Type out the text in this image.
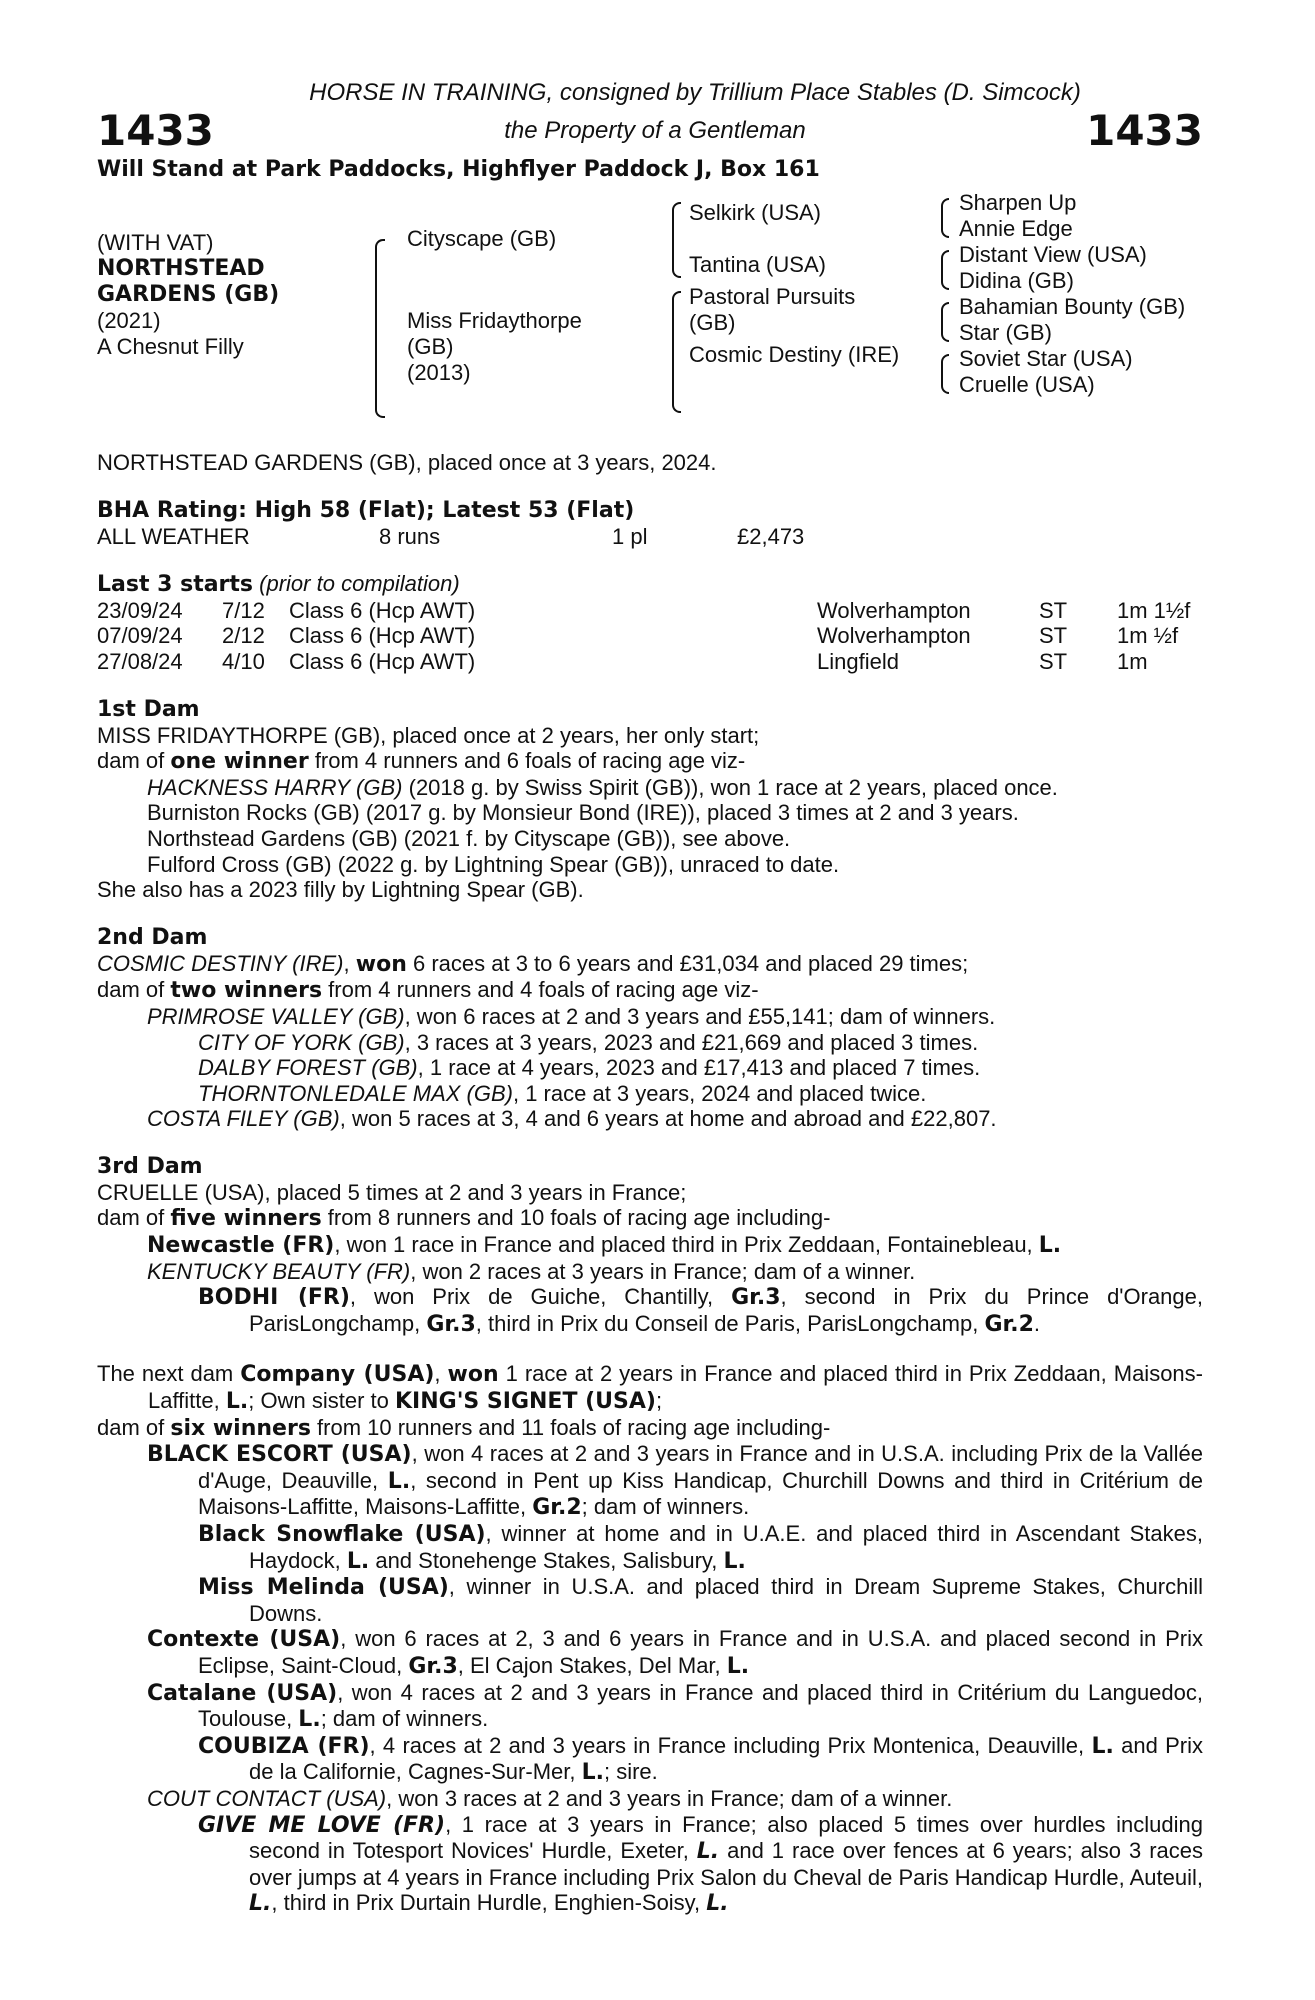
HORSE IN TRAINING, consigned by Trillium Place Stables (D. Simcock)
1433	the Property of a Gentleman	1433
Will Stand at Park Paddocks, Highflyer Paddock J, Box 161
(WITH VAT)
NORTHSTEAD
GARDENS (GB)
(2021)
A Chesnut Filly
Cityscape (GB)
Miss Fridaythorpe
(GB)
(2013)
Selkirk (USA)
Tantina (USA)
Pastoral Pursuits
(GB)
Cosmic Destiny (IRE)
Sharpen Up
Annie Edge
Distant View (USA)
Didina (GB)
Bahamian Bounty (GB)
Star (GB)
Soviet Star (USA)
Cruelle (USA)
NORTHSTEAD GARDENS (GB), placed once at 3 years, 2024.
BHA Rating: High 58 (Flat); Latest 53 (Flat)
ALL WEATHER	8 runs	1 pl	£2,473
Last 3 starts (prior to compilation)
23/09/24 7/12 Class 6 (Hcp AWT)	Wolverhampton	ST 1m 1½f
07/09/24 2/12 Class 6 (Hcp AWT)	Wolverhampton	ST 1m ½f
27/08/24 4/10 Class 6 (Hcp AWT)	Lingfield	ST 1m
1st Dam
MISS FRIDAYTHORPE (GB), placed once at 2 years, her only start;
dam of one winner from 4 runners and 6 foals of racing age viz-
HACKNESS HARRY (GB) (2018 g. by Swiss Spirit (GB)), won 1 race at 2 years, placed once.
Burniston Rocks (GB) (2017 g. by Monsieur Bond (IRE)), placed 3 times at 2 and 3 years.
Northstead Gardens (GB) (2021 f. by Cityscape (GB)), see above.
Fulford Cross (GB) (2022 g. by Lightning Spear (GB)), unraced to date.
She also has a 2023 filly by Lightning Spear (GB).
2nd Dam
COSMIC DESTINY (IRE), won 6 races at 3 to 6 years and £31,034 and placed 29 times;
dam of two winners from 4 runners and 4 foals of racing age viz-
PRIMROSE VALLEY (GB), won 6 races at 2 and 3 years and £55,141; dam of winners.
CITY OF YORK (GB), 3 races at 3 years, 2023 and £21,669 and placed 3 times.
DALBY FOREST (GB), 1 race at 4 years, 2023 and £17,413 and placed 7 times.
THORNTONLEDALE MAX (GB), 1 race at 3 years, 2024 and placed twice.
COSTA FILEY (GB), won 5 races at 3, 4 and 6 years at home and abroad and £22,807.
3rd Dam
CRUELLE (USA), placed 5 times at 2 and 3 years in France;
dam of five winners from 8 runners and 10 foals of racing age including-
Newcastle (FR), won 1 race in France and placed third in Prix Zeddaan, Fontainebleau, L.
KENTUCKY BEAUTY (FR), won 2 races at 3 years in France; dam of a winner.
BODHI (FR), won Prix de Guiche, Chantilly, Gr.3, second in Prix du Prince d'Orange, ParisLongchamp, Gr.3, third in Prix du Conseil de Paris, ParisLongchamp, Gr.2.
The next dam Company (USA), won 1 race at 2 years in France and placed third in Prix Zeddaan, Maisons-Laffitte, L.; Own sister to KING'S SIGNET (USA);
dam of six winners from 10 runners and 11 foals of racing age including-
BLACK ESCORT (USA), won 4 races at 2 and 3 years in France and in U.S.A. including Prix de la Vallée d'Auge, Deauville, L., second in Pent up Kiss Handicap, Churchill Downs and third in Critérium de Maisons-Laffitte, Maisons-Laffitte, Gr.2; dam of winners.
Black Snowflake (USA), winner at home and in U.A.E. and placed third in Ascendant Stakes, Haydock, L. and Stonehenge Stakes, Salisbury, L.
Miss Melinda (USA), winner in U.S.A. and placed third in Dream Supreme Stakes, Churchill Downs.
Contexte (USA), won 6 races at 2, 3 and 6 years in France and in U.S.A. and placed second in Prix Eclipse, Saint-Cloud, Gr.3, El Cajon Stakes, Del Mar, L.
Catalane (USA), won 4 races at 2 and 3 years in France and placed third in Critérium du Languedoc, Toulouse, L.; dam of winners.
COUBIZA (FR), 4 races at 2 and 3 years in France including Prix Montenica, Deauville, L. and Prix de la Californie, Cagnes-Sur-Mer, L.; sire.
COUT CONTACT (USA), won 3 races at 2 and 3 years in France; dam of a winner.
GIVE ME LOVE (FR), 1 race at 3 years in France; also placed 5 times over hurdles including second in Totesport Novices' Hurdle, Exeter, L. and 1 race over fences at 6 years; also 3 races over jumps at 4 years in France including Prix Salon du Cheval de Paris Handicap Hurdle, Auteuil, L., third in Prix Durtain Hurdle, Enghien-Soisy, L.
